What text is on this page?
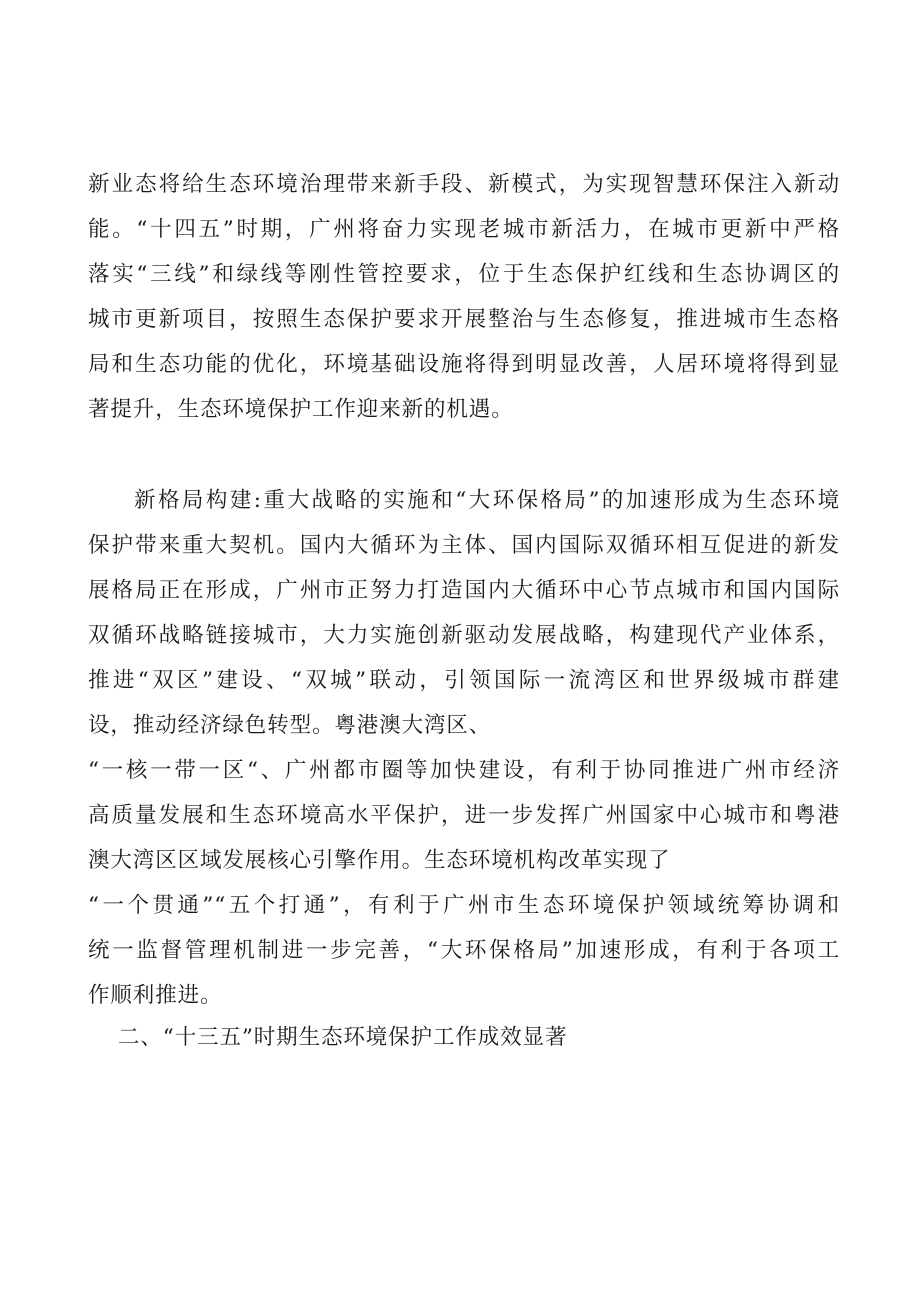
新业态将给生态环境治理带来新手段、新模式，为实现智慧环保注入新动
能。“十四五”时期，广州将奋力实现老城市新活力，在城市更新中严格
落实“三线”和绿线等刚性管控要求，位于生态保护红线和生态协调区的
城市更新项目，按照生态保护要求开展整治与生态修复，推进城市生态格
局和生态功能的优化，环境基础设施将得到明显改善，人居环境将得到显
著提升，生态环境保护工作迎来新的机遇。
新格局构建:重大战略的实施和“大环保格局”的加速形成为生态环境
保护带来重大契机。国内大循环为主体、国内国际双循环相互促进的新发
展格局正在形成，广州市正努力打造国内大循环中心节点城市和国内国际
双循环战略链接城市，大力实施创新驱动发展战略，构建现代产业体系，
推进“双区”建设、“双城”联动，引领国际一流湾区和世界级城市群建
设，推动经济绿色转型。粤港澳大湾区、
“一核一带一区“、广州都市圈等加快建设，有利于协同推进广州市经济
高质量发展和生态环境高水平保护，进一步发挥广州国家中心城市和粤港
澳大湾区区域发展核心引擎作用。生态环境机构改革实现了
“一个贯通”“五个打通”，有利于广州市生态环境保护领域统筹协调和
统一监督管理机制进一步完善，“大环保格局”加速形成，有利于各项工
作顺利推进。
二、“十三五”时期生态环境保护工作成效显著
